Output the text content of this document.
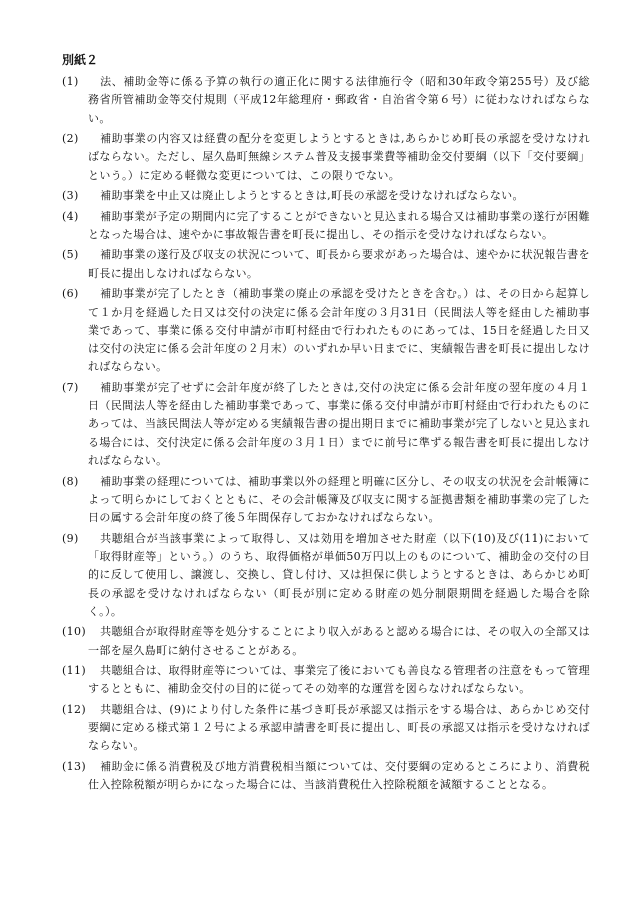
別紙２
(1)	法、補助金等に係る予算の執行の適正化に関する法律施行令（昭和30年政令第255号）及び総務省所管補助金等交付規則（平成12年総理府・郵政省・自治省令第６号）に従わなければならない。
(2)	補助事業の内容又は経費の配分を変更しようとするときは,あらかじめ町長の承認を受けなければならない。ただし、屋久島町無線システム普及支援事業費等補助金交付要綱（以下「交付要綱」という。）に定める軽微な変更については、この限りでない。
(3)	補助事業を中止又は廃止しようとするときは,町長の承認を受けなければならない。
(4)	補助事業が予定の期間内に完了することができないと見込まれる場合又は補助事業の遂行が困難となった場合は、速やかに事故報告書を町長に提出し、その指示を受けなければならない。
(5)	補助事業の遂行及び収支の状況について、町長から要求があった場合は、速やかに状況報告書を町長に提出しなければならない。
(6)	補助事業が完了したとき（補助事業の廃止の承認を受けたときを含む。）は、その日から起算して１か月を経過した日又は交付の決定に係る会計年度の３月31日（民間法人等を経由した補助事業であって、事業に係る交付申請が市町村経由で行われたものにあっては、15日を経過した日又は交付の決定に係る会計年度の２月末）のいずれか早い日までに、実績報告書を町長に提出しなければならない。
(7)	補助事業が完了せずに会計年度が終了したときは,交付の決定に係る会計年度の翌年度の４月１日（民間法人等を経由した補助事業であって、事業に係る交付申請が市町村経由で行われたものにあっては、当該民間法人等が定める実績報告書の提出期日までに補助事業が完了しないと見込まれる場合には、交付決定に係る会計年度の３月１日）までに前号に準ずる報告書を町長に提出しなければならない。
(8)	補助事業の経理については、補助事業以外の経理と明確に区分し、その収支の状況を会計帳簿によって明らかにしておくとともに、その会計帳簿及び収支に関する証拠書類を補助事業の完了した日の属する会計年度の終了後５年間保存しておかなければならない。
(9)	共聴組合が当該事業によって取得し、又は効用を増加させた財産（以下(10)及び(11)において「取得財産等」という。）のうち、取得価格が単価50万円以上のものについて、補助金の交付の目的に反して使用し、譲渡し、交換し、貸し付け、又は担保に供しようとするときは、あらかじめ町長の承認を受けなければならない（町長が別に定める財産の処分制限期間を経過した場合を除く。）。
(10)	共聴組合が取得財産等を処分することにより収入があると認める場合には、その収入の全部又は一部を屋久島町に納付させることがある。
(11)	共聴組合は、取得財産等については、事業完了後においても善良なる管理者の注意をもって管理するとともに、補助金交付の目的に従ってその効率的な運営を図らなければならない。
(12)	共聴組合は、(9)により付した条件に基づき町長が承認又は指示をする場合は、あらかじめ交付要綱に定める様式第１２号による承認申請書を町長に提出し、町長の承認又は指示を受けなければならない。
(13)	補助金に係る消費税及び地方消費税相当額については、交付要綱の定めるところにより、消費税仕入控除税額が明らかになった場合には、当該消費税仕入控除税額を減額することとなる。
